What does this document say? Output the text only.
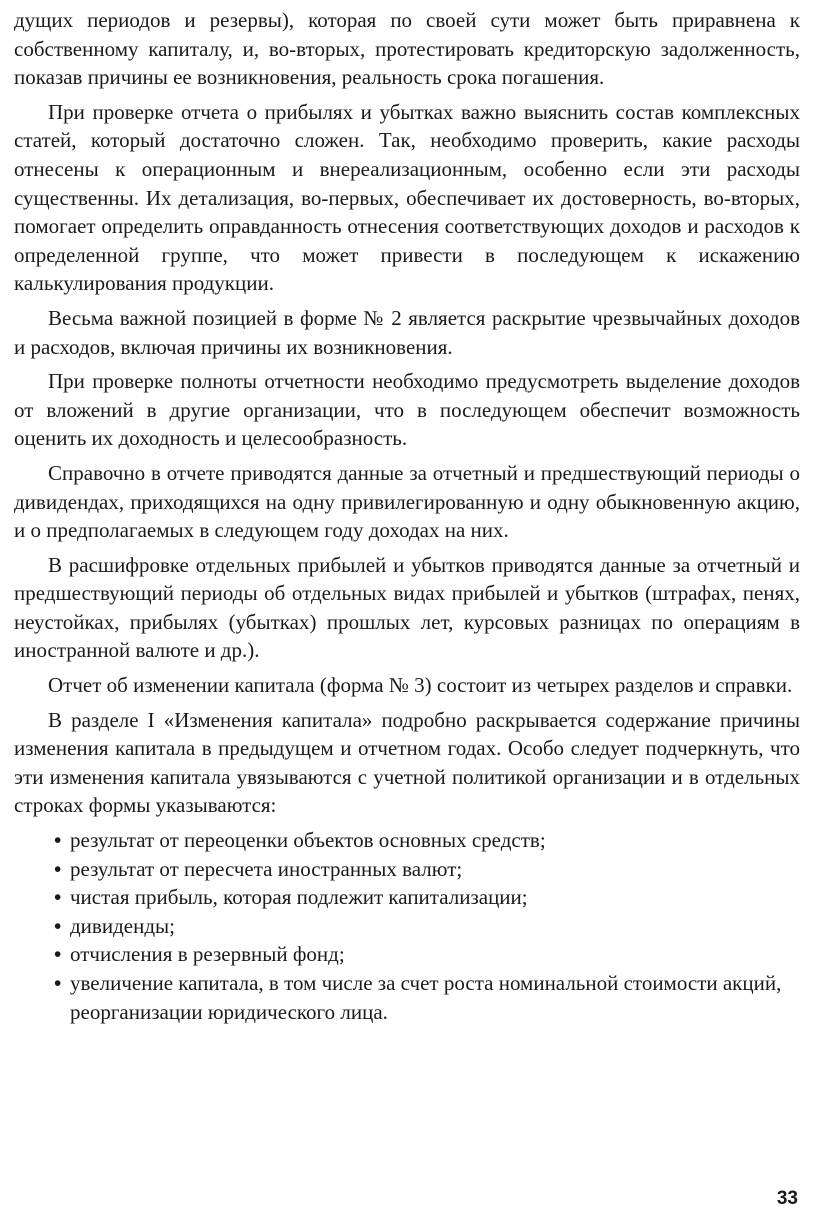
дущих периодов и резервы), которая по своей сути может быть приравнена к собственному капиталу, и, во-вторых, протестировать кредиторскую задолженность, показав причины ее возникновения, реальность срока погашения.

При проверке отчета о прибылях и убытках важно выяснить состав комплексных статей, который достаточно сложен. Так, необходимо проверить, какие расходы отнесены к операционным и внереализационным, особенно если эти расходы существенны. Их детализация, во-первых, обеспечивает их достоверность, во-вторых, помогает определить оправданность отнесения соответствующих доходов и расходов к определенной группе, что может привести в последующем к искажению калькулирования продукции.

Весьма важной позицией в форме № 2 является раскрытие чрезвычайных доходов и расходов, включая причины их возникновения.

При проверке полноты отчетности необходимо предусмотреть выделение доходов от вложений в другие организации, что в последующем обеспечит возможность оценить их доходность и целесообразность.

Справочно в отчете приводятся данные за отчетный и предшествующий периоды о дивидендах, приходящихся на одну привилегированную и одну обыкновенную акцию, и о предполагаемых в следующем году доходах на них.

В расшифровке отдельных прибылей и убытков приводятся данные за отчетный и предшествующий периоды об отдельных видах прибылей и убытков (штрафах, пенях, неустойках, прибылях (убытках) прошлых лет, курсовых разницах по операциям в иностранной валюте и др.).

Отчет об изменении капитала (форма № 3) состоит из четырех разделов и справки.

В разделе I «Изменения капитала» подробно раскрывается содержание причины изменения капитала в предыдущем и отчетном годах. Особо следует подчеркнуть, что эти изменения капитала увязываются с учетной политикой организации и в отдельных строках формы указываются:

• результат от переоценки объектов основных средств;
• результат от пересчета иностранных валют;
• чистая прибыль, которая подлежит капитализации;
• дивиденды;
• отчисления в резервный фонд;
• увеличение капитала, в том числе за счет роста номинальной стоимости акций, реорганизации юридического лица.
33
